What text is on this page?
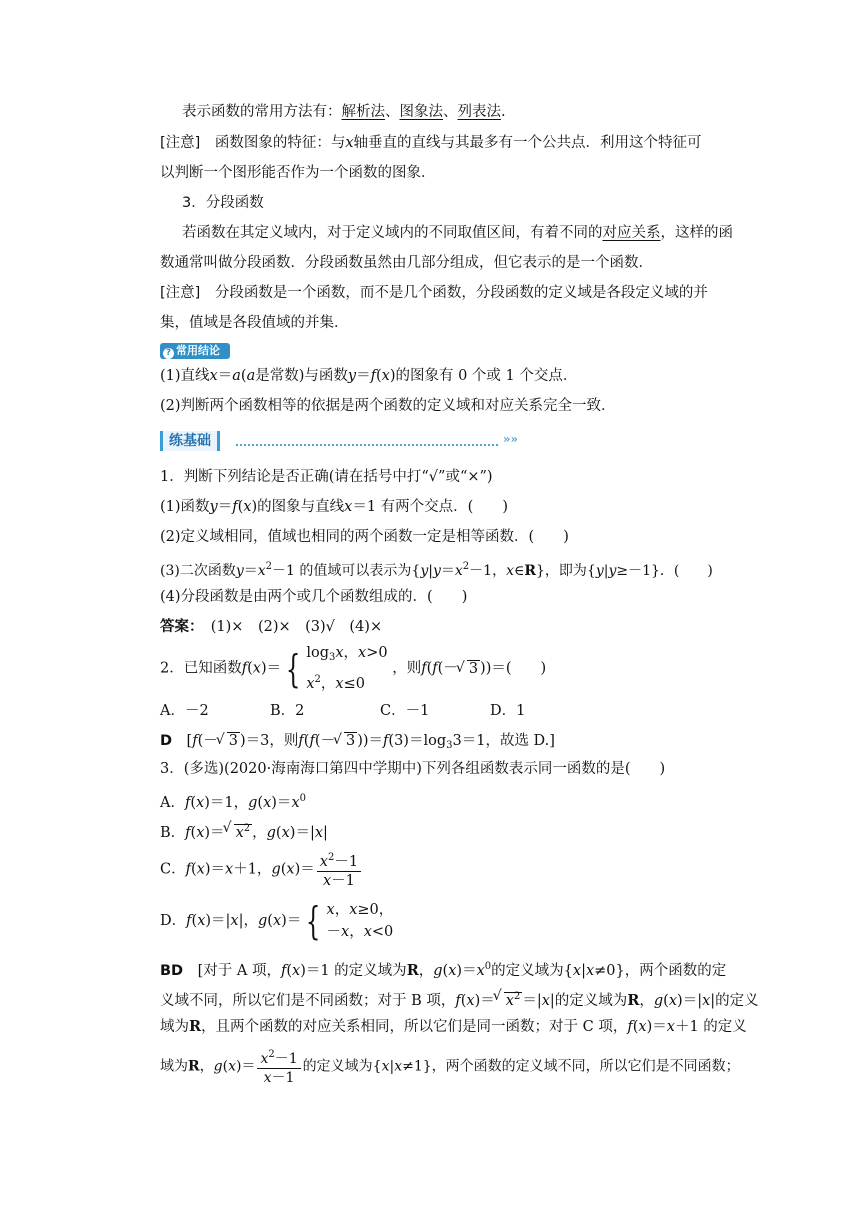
表示函数的常用方法有：解析法、图象法、列表法.
[注意]　 函数图象的特征：与x轴垂直的直线与其最多有一个公共点．利用这个特征可
以判断一个图形能否作为一个函数的图象．
3．分段函数
若函数在其定义域内，对于定义域内的不同取值区间，有着不同的对应关系，这样的函
数通常叫做分段函数．分段函数虽然由几部分组成，但它表示的是一个函数．
[注意]　 分段函数是一个函数，而不是几个函数，分段函数的定义域是各段定义域的并
集，值域是各段值域的并集．
? 常用结论
(1)直线x＝a(a是常数)与函数y＝f(x)的图象有 0 个或 1 个交点．
(2)判断两个函数相等的依据是两个函数的定义域和对应关系完全一致．
练基础	»»
1．判断下列结论是否正确(请在括号中打“√”或“×”)
(1)函数y＝f(x)的图象与直线x＝1 有两个交点．(　　)
(2)定义域相同，值域也相同的两个函数一定是相等函数．(　　)
(3)二次函数$y=x^2-1$ 的值域可以表示为{$y|y=x^2-1$，x∈R}，即为{y|y≥－1}．(　　)
(4)分段函数是由两个或几个函数组成的．(　　)
答案：　 (1)×　(2)×　(3)√　(4)×
2．已知函数f(x)＝ { $\log_3x$，x>0
$x^2$，x≤0
，则f(f(－ √ 3 ))＝(　　)
A．－2	B．2	C．－1	D．1
D　 [f(－ √ 3 )＝3，则f(f(－ √ 3 ))$=f(3)=\log_33=1$，故选 D.]
3．(多选)(2020·海南海口第四中学期中)下列各组函数表示同一函数的是(　　)
A．f(x)＝1，$g(x)=x^0$
B．f(x)＝ √ $x^2$ ，g(x)＝|x|
C．f(x)＝x＋1，$g(x)= \frac{x^2-1}{x-1}$
D．f(x)＝|x|，g(x)＝ { x，x≥0，
－x，x<0
BD　 [对于 A 项，f(x)＝1 的定义域为R，$g(x)=x^0$的定义域为{x|x≠0}，两个函数的定
义域不同，所以它们是不同函数；对于 B 项，f(x)＝ √ $x^2 =|x|$的定义域为R，g(x)＝|x|的定义
域为R，且两个函数的对应关系相同，所以它们是同一函数；对于 C 项，f(x)＝x＋1 的定义
域为R，$g(x)= \frac{x^2-1}{x-1}$ 的定义域为{x|x≠1}，两个函数的定义域不同，所以它们是不同函数；
